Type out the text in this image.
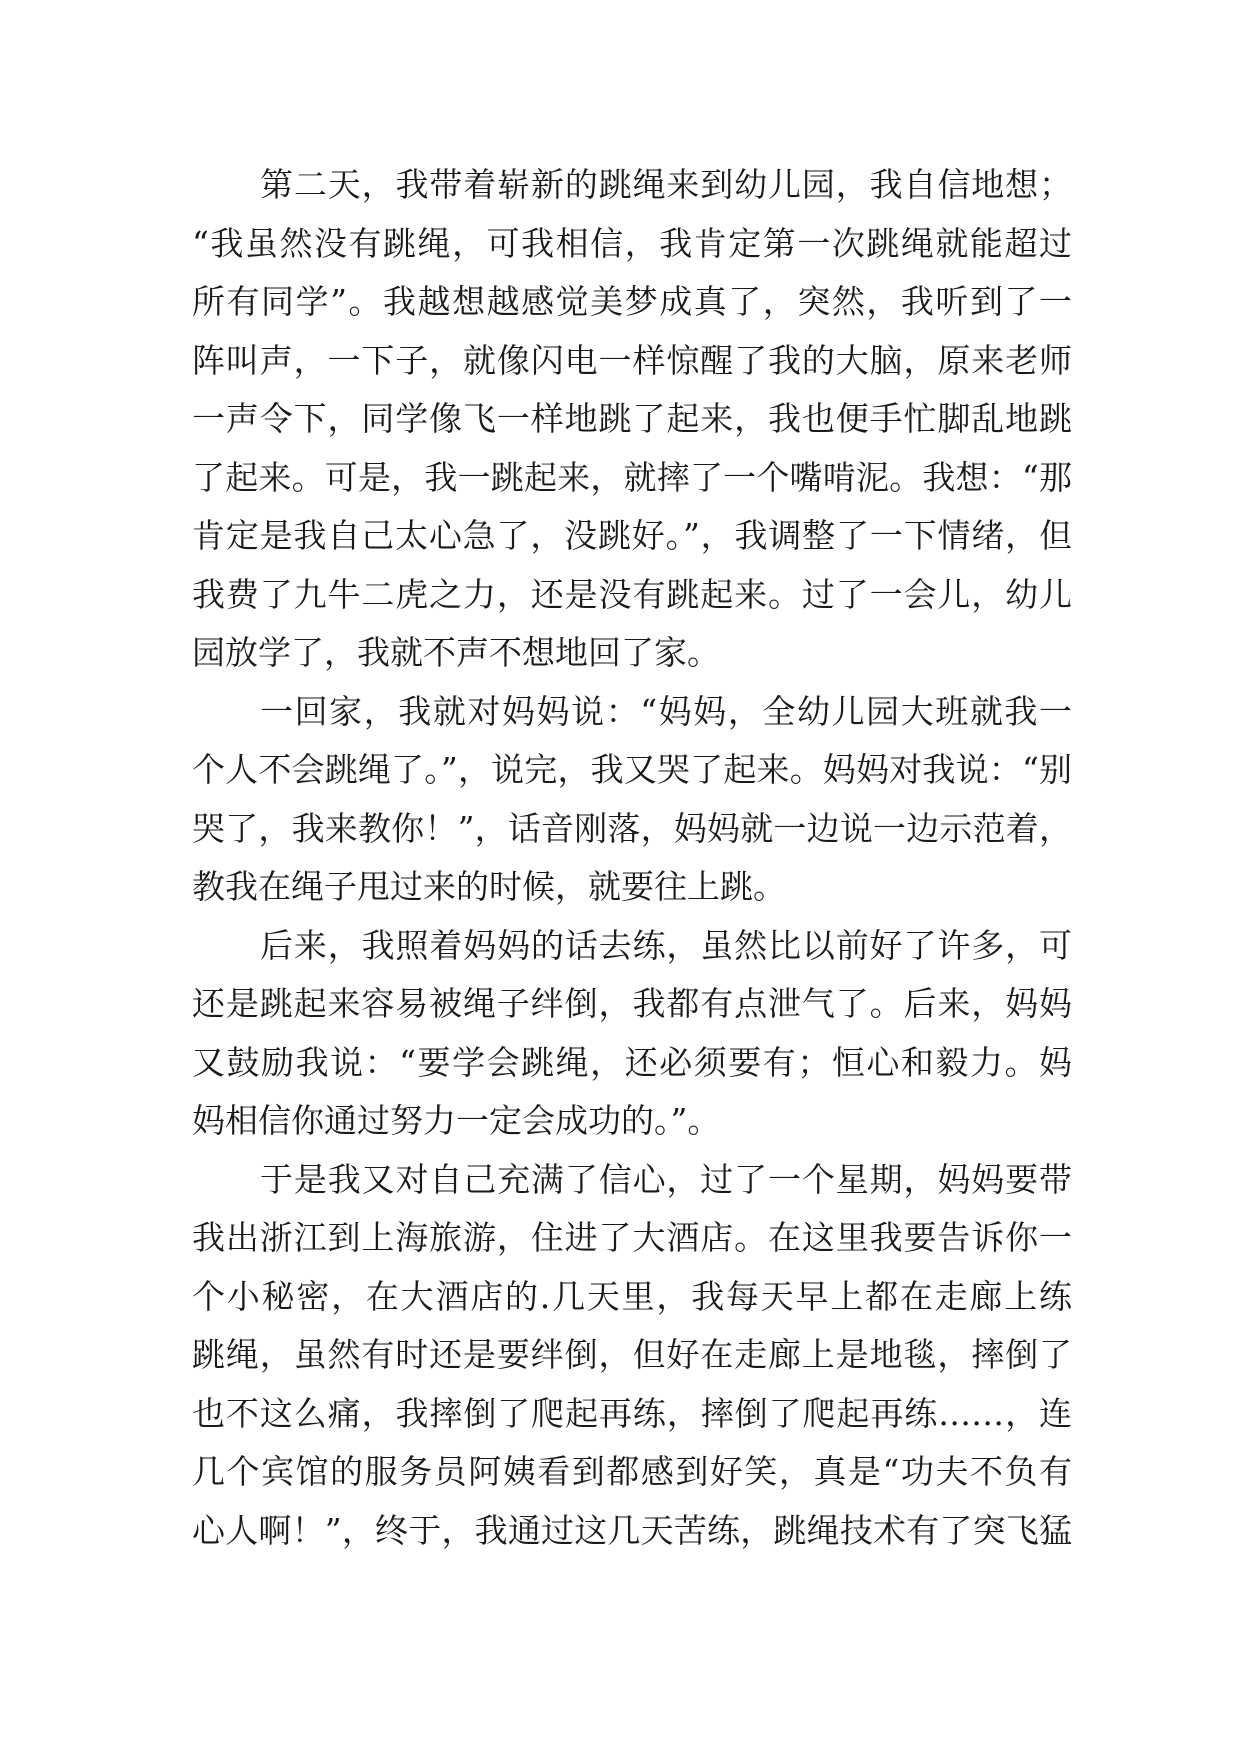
第二天，我带着崭新的跳绳来到幼儿园，我自信地想；
“我虽然没有跳绳，可我相信，我肯定第一次跳绳就能超过
所有同学”。我越想越感觉美梦成真了，突然，我听到了一
阵叫声，一下子，就像闪电一样惊醒了我的大脑，原来老师
一声令下，同学像飞一样地跳了起来，我也便手忙脚乱地跳
了起来。可是，我一跳起来，就摔了一个嘴啃泥。我想：“那
肯定是我自己太心急了，没跳好。”，我调整了一下情绪，但
我费了九牛二虎之力，还是没有跳起来。过了一会儿，幼儿
园放学了，我就不声不想地回了家。
一回家，我就对妈妈说：“妈妈，全幼儿园大班就我一
个人不会跳绳了。”，说完，我又哭了起来。妈妈对我说：“别
哭了，我来教你！”，话音刚落，妈妈就一边说一边示范着，
教我在绳子甩过来的时候，就要往上跳。
后来，我照着妈妈的话去练，虽然比以前好了许多，可
还是跳起来容易被绳子绊倒，我都有点泄气了。后来，妈妈
又鼓励我说：“要学会跳绳，还必须要有；恒心和毅力。妈
妈相信你通过努力一定会成功的。”。
于是我又对自己充满了信心，过了一个星期，妈妈要带
我出浙江到上海旅游，住进了大酒店。在这里我要告诉你一
个小秘密，在大酒店的.几天里，我每天早上都在走廊上练
跳绳，虽然有时还是要绊倒，但好在走廊上是地毯，摔倒了
也不这么痛，我摔倒了爬起再练，摔倒了爬起再练……，连
几个宾馆的服务员阿姨看到都感到好笑，真是“功夫不负有
心人啊！”，终于，我通过这几天苦练，跳绳技术有了突飞猛
